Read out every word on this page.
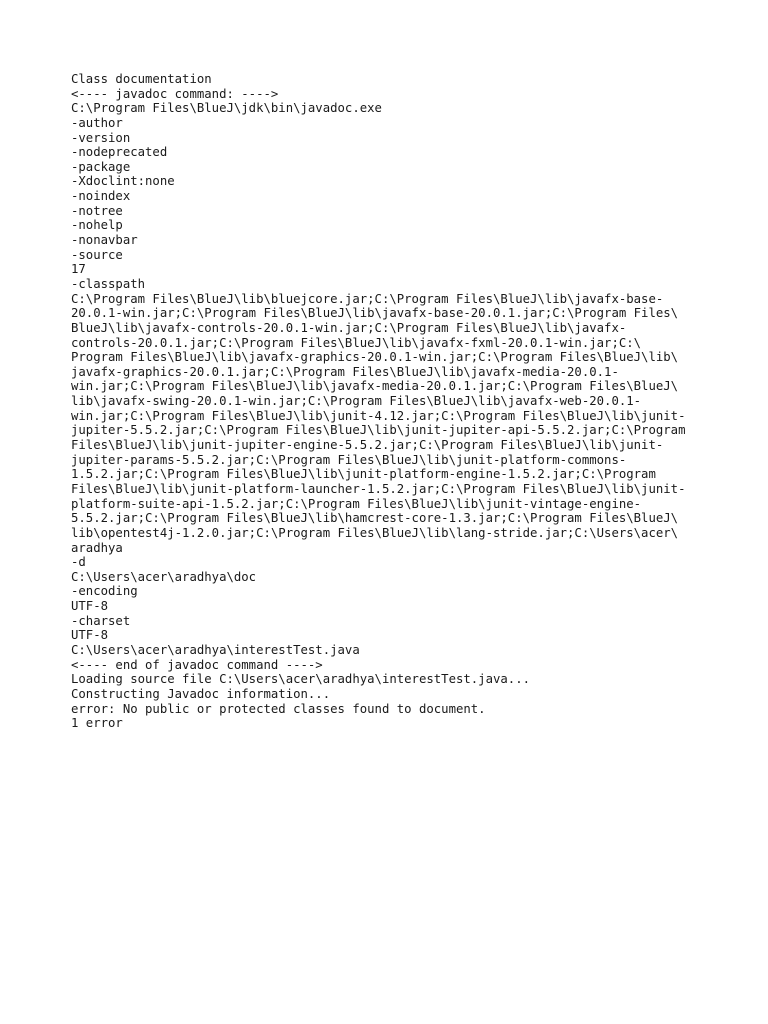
Class documentation
<---- javadoc command: ---->
C:\Program Files\BlueJ\jdk\bin\javadoc.exe
-author
-version
-nodeprecated
-package
-Xdoclint:none
-noindex
-notree
-nohelp
-nonavbar
-source
17
-classpath
C:\Program Files\BlueJ\lib\bluejcore.jar;C:\Program Files\BlueJ\lib\javafx-base-
20.0.1-win.jar;C:\Program Files\BlueJ\lib\javafx-base-20.0.1.jar;C:\Program Files\
BlueJ\lib\javafx-controls-20.0.1-win.jar;C:\Program Files\BlueJ\lib\javafx-
controls-20.0.1.jar;C:\Program Files\BlueJ\lib\javafx-fxml-20.0.1-win.jar;C:\
Program Files\BlueJ\lib\javafx-graphics-20.0.1-win.jar;C:\Program Files\BlueJ\lib\
javafx-graphics-20.0.1.jar;C:\Program Files\BlueJ\lib\javafx-media-20.0.1-
win.jar;C:\Program Files\BlueJ\lib\javafx-media-20.0.1.jar;C:\Program Files\BlueJ\
lib\javafx-swing-20.0.1-win.jar;C:\Program Files\BlueJ\lib\javafx-web-20.0.1-
win.jar;C:\Program Files\BlueJ\lib\junit-4.12.jar;C:\Program Files\BlueJ\lib\junit-
jupiter-5.5.2.jar;C:\Program Files\BlueJ\lib\junit-jupiter-api-5.5.2.jar;C:\Program
Files\BlueJ\lib\junit-jupiter-engine-5.5.2.jar;C:\Program Files\BlueJ\lib\junit-
jupiter-params-5.5.2.jar;C:\Program Files\BlueJ\lib\junit-platform-commons-
1.5.2.jar;C:\Program Files\BlueJ\lib\junit-platform-engine-1.5.2.jar;C:\Program
Files\BlueJ\lib\junit-platform-launcher-1.5.2.jar;C:\Program Files\BlueJ\lib\junit-
platform-suite-api-1.5.2.jar;C:\Program Files\BlueJ\lib\junit-vintage-engine-
5.5.2.jar;C:\Program Files\BlueJ\lib\hamcrest-core-1.3.jar;C:\Program Files\BlueJ\
lib\opentest4j-1.2.0.jar;C:\Program Files\BlueJ\lib\lang-stride.jar;C:\Users\acer\
aradhya
-d
C:\Users\acer\aradhya\doc
-encoding
UTF-8
-charset
UTF-8
C:\Users\acer\aradhya\interestTest.java
<---- end of javadoc command ---->
Loading source file C:\Users\acer\aradhya\interestTest.java...
Constructing Javadoc information...
error: No public or protected classes found to document.
1 error
